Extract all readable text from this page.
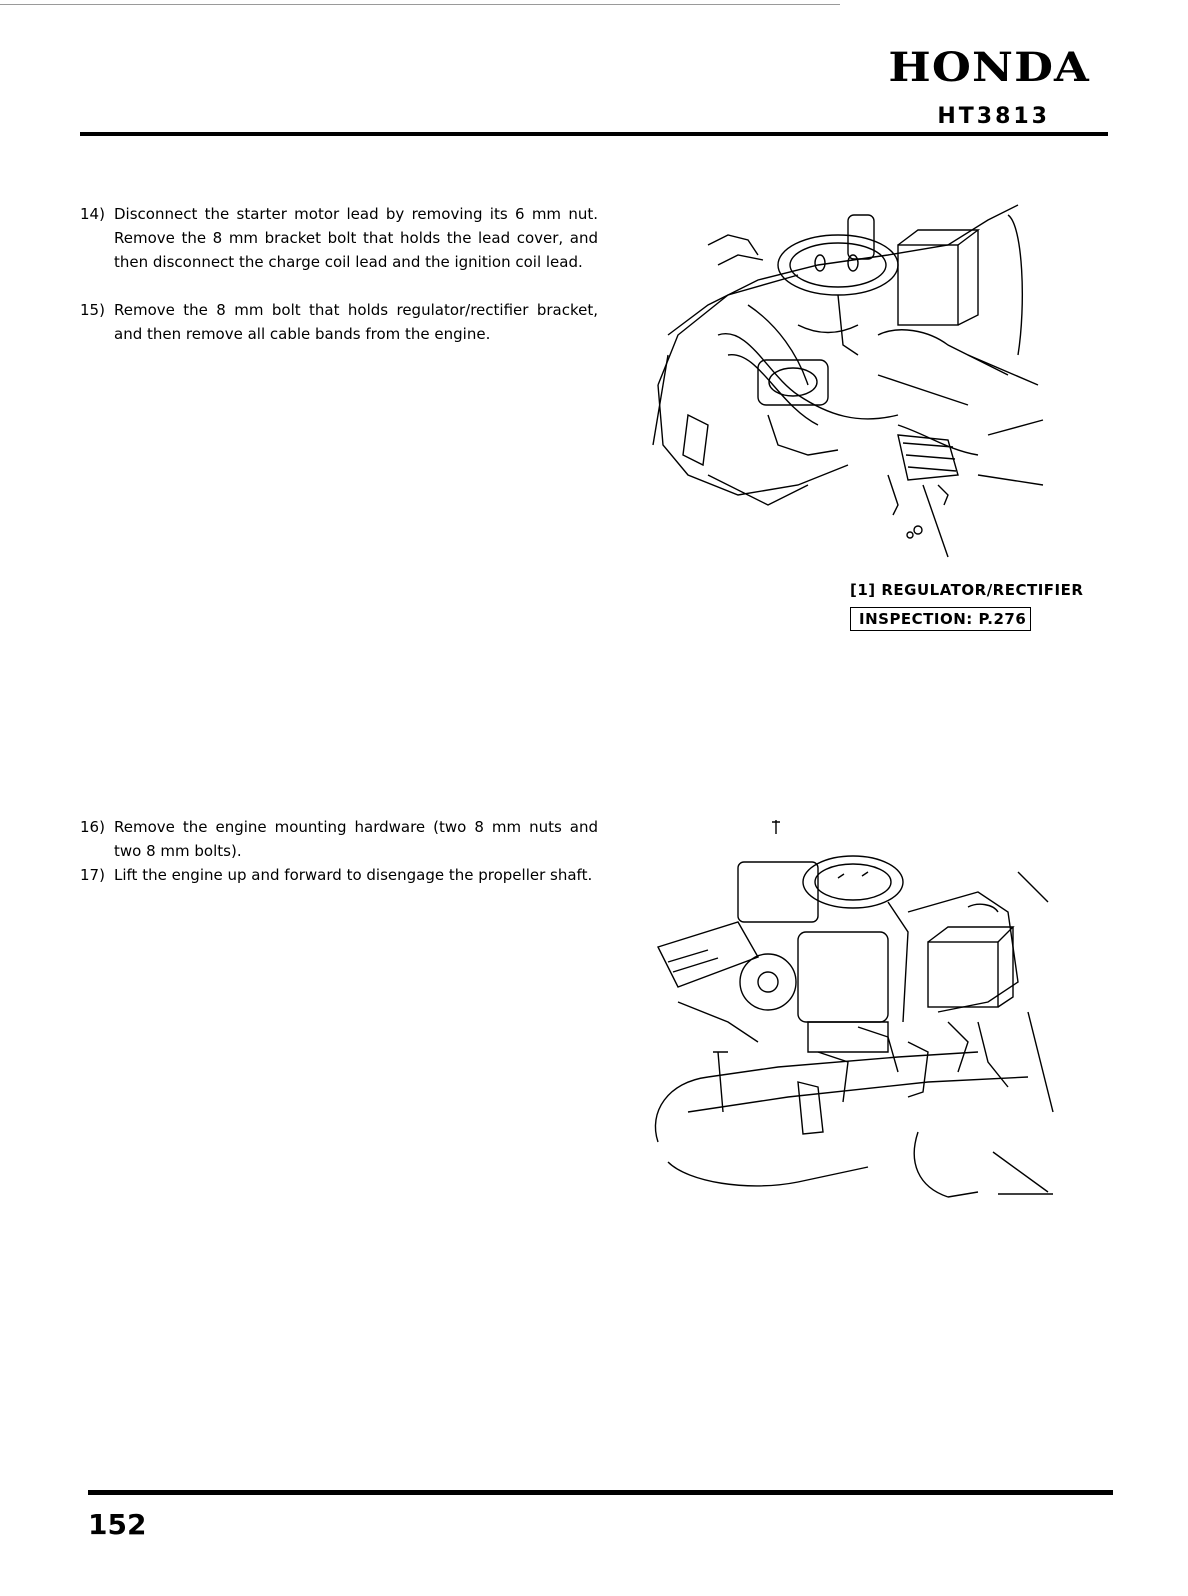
HONDA
HT3813
14) Disconnect the starter motor lead by removing its 6 mm nut. Remove the 8 mm bracket bolt that holds the lead cover, and then disconnect the charge coil lead and the ignition coil lead.
15) Remove the 8 mm bolt that holds regulator/rectifier bracket, and then remove all cable bands from the engine.
[1] REGULATOR/RECTIFIER
INSPECTION: P.276
16) Remove the engine mounting hardware (two 8 mm nuts and two 8 mm bolts).
17) Lift the engine up and forward to disengage the propeller shaft.
152
